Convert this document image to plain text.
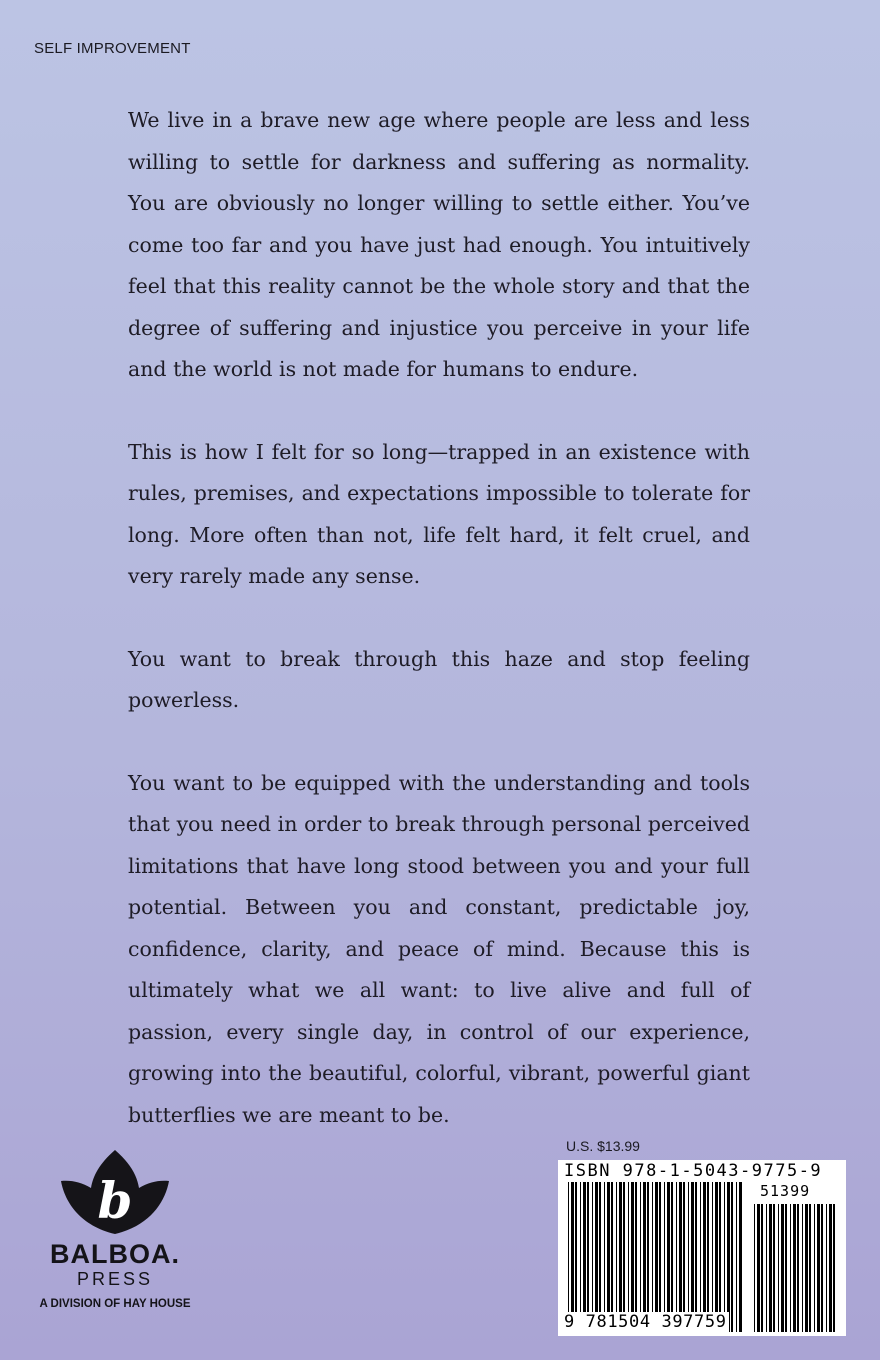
SELF IMPROVEMENT

We live in a brave new age where people are less and less willing to settle for darkness and suffering as normality. You are obviously no longer willing to settle either. You’ve come too far and you have just had enough. You intuitively feel that this reality cannot be the whole story and that the degree of suffering and injustice you perceive in your life and the world is not made for humans to endure.

This is how I felt for so long—trapped in an existence with rules, premises, and expectations impossible to tolerate for long. More often than not, life felt hard, it felt cruel, and very rarely made any sense.

You want to break through this haze and stop feeling powerless.

You want to be equipped with the understanding and tools that you need in order to break through personal perceived limitations that have long stood between you and your full potential. Between you and constant, predictable joy, confidence, clarity, and peace of mind. Because this is ultimately what we all want: to live alive and full of passion, every single day, in control of our experience, growing into the beautiful, colorful, vibrant, powerful giant butterflies we are meant to be.

b
BALBOA.
PRESS
A DIVISION OF HAY HOUSE
U.S. $13.99
ISBN 978-1-5043-9775-9
51399
9 781504 397759
